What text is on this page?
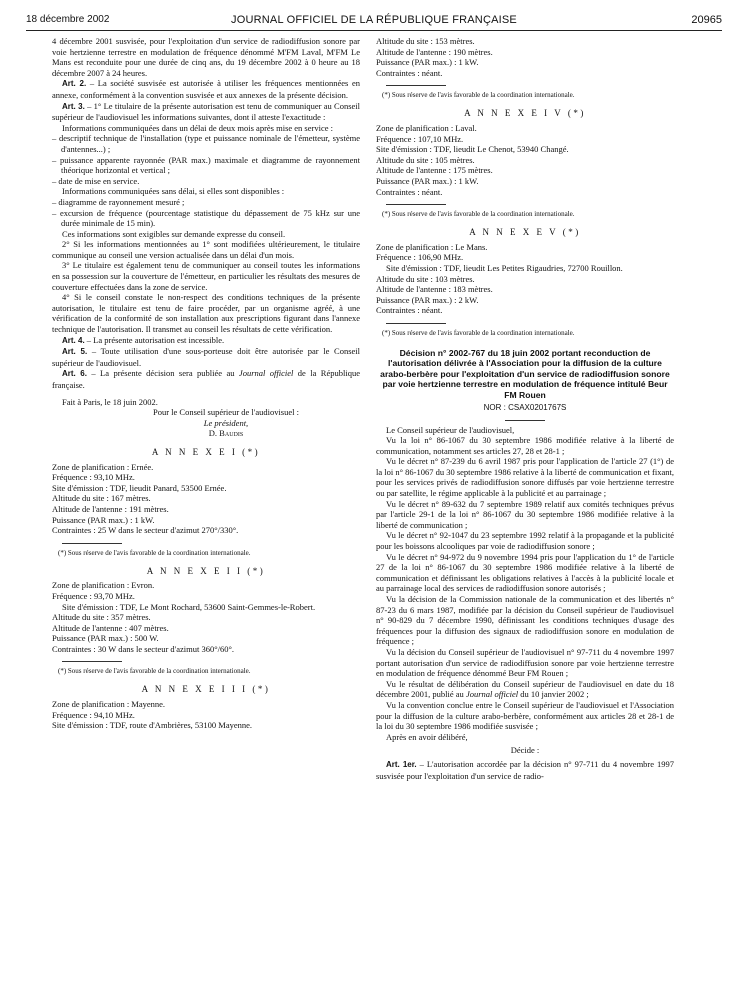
18 décembre 2002	JOURNAL OFFICIEL DE LA RÉPUBLIQUE FRANÇAISE	20965

4 décembre 2001 susvisée, pour l'exploitation d'un service de radiodiffusion sonore par voie hertzienne terrestre en modulation de fréquence dénommé M'FM Laval, M'FM Le Mans est reconduite pour une durée de cinq ans, du 19 décembre 2002 à 0 heure au 18 décembre 2007 à 24 heures.

Art. 2. – La société susvisée est autorisée à utiliser les fréquences mentionnées en annexe, conformément à la convention susvisée et aux annexes de la présente décision.

Art. 3. – 1° Le titulaire de la présente autorisation est tenu de communiquer au Conseil supérieur de l'audiovisuel les informations suivantes, dont il atteste l'exactitude :

Informations communiquées dans un délai de deux mois après mise en service :

– descriptif technique de l'installation (type et puissance nominale de l'émetteur, système d'antennes...) ;

– puissance apparente rayonnée (PAR max.) maximale et diagramme de rayonnement théorique horizontal et vertical ;

– date de mise en service.

Informations communiquées sans délai, si elles sont disponibles :

– diagramme de rayonnement mesuré ;

– excursion de fréquence (pourcentage statistique du dépassement de 75 kHz sur une durée minimale de 15 min).

Ces informations sont exigibles sur demande expresse du conseil.

2° Si les informations mentionnées au 1° sont modifiées ultérieurement, le titulaire communique au conseil une version actualisée dans un délai d'un mois.

3° Le titulaire est également tenu de communiquer au conseil toutes les informations en sa possession sur la couverture de l'émetteur, en particulier les résultats des mesures de couverture effectuées dans la zone de service.

4° Si le conseil constate le non-respect des conditions techniques de la présente autorisation, le titulaire est tenu de faire procéder, par un organisme agréé, à une vérification de la conformité de son installation aux prescriptions figurant dans l'annexe technique de l'autorisation. Il transmet au conseil les résultats de cette vérification.

Art. 4. – La présente autorisation est incessible.

Art. 5. – Toute utilisation d'une sous-porteuse doit être autorisée par le Conseil supérieur de l'audiovisuel.

Art. 6. – La présente décision sera publiée au Journal officiel de la République française.

Fait à Paris, le 18 juin 2002.

Pour le Conseil supérieur de l'audiovisuel :

Le président,

D. Baudis

A N N E X E I (*)

Zone de planification : Ernée.

Fréquence : 93,10 MHz.

Site d'émission : TDF, lieudit Panard, 53500 Ernée.

Altitude du site : 167 mètres.

Altitude de l'antenne : 191 mètres.

Puissance (PAR max.) : 1 kW.

Contraintes : 25 W dans le secteur d'azimut 270°/330°.

(*) Sous réserve de l'avis favorable de la coordination internationale.

A N N E X E I I (*)

Zone de planification : Evron.

Fréquence : 93,70 MHz.

Site d'émission : TDF, Le Mont Rochard, 53600 Saint-Gemmes-le-Robert.

Altitude du site : 357 mètres.

Altitude de l'antenne : 407 mètres.

Puissance (PAR max.) : 500 W.

Contraintes : 30 W dans le secteur d'azimut 360°/60°.

(*) Sous réserve de l'avis favorable de la coordination internationale.

A N N E X E I I I (*)

Zone de planification : Mayenne.

Fréquence : 94,10 MHz.

Site d'émission : TDF, route d'Ambrières, 53100 Mayenne.

Altitude du site : 153 mètres.

Altitude de l'antenne : 190 mètres.

Puissance (PAR max.) : 1 kW.

Contraintes : néant.

(*) Sous réserve de l'avis favorable de la coordination internationale.

A N N E X E I V (*)

Zone de planification : Laval.

Fréquence : 107,10 MHz.

Site d'émission : TDF, lieudit Le Chenot, 53940 Changé.

Altitude du site : 105 mètres.

Altitude de l'antenne : 175 mètres.

Puissance (PAR max.) : 1 kW.

Contraintes : néant.

(*) Sous réserve de l'avis favorable de la coordination internationale.

A N N E X E V (*)

Zone de planification : Le Mans.

Fréquence : 106,90 MHz.

Site d'émission : TDF, lieudit Les Petites Rigaudries, 72700 Rouillon.

Altitude du site : 103 mètres.

Altitude de l'antenne : 183 mètres.

Puissance (PAR max.) : 2 kW.

Contraintes : néant.

(*) Sous réserve de l'avis favorable de la coordination internationale.

Décision n° 2002-767 du 18 juin 2002 portant reconduction de l'autorisation délivrée à l'Association pour la diffusion de la culture arabo-berbère pour l'exploitation d'un service de radiodiffusion sonore par voie hertzienne terrestre en modulation de fréquence intitulé Beur FM Rouen

NOR : CSAX0201767S

Le Conseil supérieur de l'audiovisuel,

Vu la loi n° 86-1067 du 30 septembre 1986 modifiée relative à la liberté de communication, notamment ses articles 27, 28 et 28-1 ;

Vu le décret n° 87-239 du 6 avril 1987 pris pour l'application de l'article 27 (1°) de la loi n° 86-1067 du 30 septembre 1986 relative à la liberté de communication et fixant, pour les services privés de radiodiffusion sonore diffusés par voie hertzienne terrestre ou par satellite, le régime applicable à la publicité et au parrainage ;

Vu le décret n° 89-632 du 7 septembre 1989 relatif aux comités techniques prévus par l'article 29-1 de la loi n° 86-1067 du 30 septembre 1986 modifiée relative à la liberté de communication ;

Vu le décret n° 92-1047 du 23 septembre 1992 relatif à la propagande et la publicité pour les boissons alcooliques par voie de radiodiffusion sonore ;

Vu le décret n° 94-972 du 9 novembre 1994 pris pour l'application du 1° de l'article 27 de la loi n° 86-1067 du 30 septembre 1986 modifiée relative à la liberté de communication et définissant les obligations relatives à l'accès à la publicité locale et au parrainage local des services de radiodiffusion sonore autorisés ;

Vu la décision de la Commission nationale de la communication et des libertés n° 87-23 du 6 mars 1987, modifiée par la décision du Conseil supérieur de l'audiovisuel n° 90-829 du 7 décembre 1990, définissant les conditions techniques d'usage des fréquences pour la diffusion des signaux de radiodiffusion sonore en modulation de fréquence ;

Vu la décision du Conseil supérieur de l'audiovisuel n° 97-711 du 4 novembre 1997 portant autorisation d'un service de radiodiffusion sonore par voie hertzienne terrestre en modulation de fréquence dénommé Beur FM Rouen ;

Vu le résultat de délibération du Conseil supérieur de l'audiovisuel en date du 18 décembre 2001, publié au Journal officiel du 10 janvier 2002 ;

Vu la convention conclue entre le Conseil supérieur de l'audiovisuel et l'Association pour la diffusion de la culture arabo-berbère, conformément aux articles 28 et 28-1 de la loi du 30 septembre 1986 modifiée susvisée ;

Après en avoir délibéré,

Décide :

Art. 1er. – L'autorisation accordée par la décision n° 97-711 du 4 novembre 1997 susvisée pour l'exploitation d'un service de radio-
